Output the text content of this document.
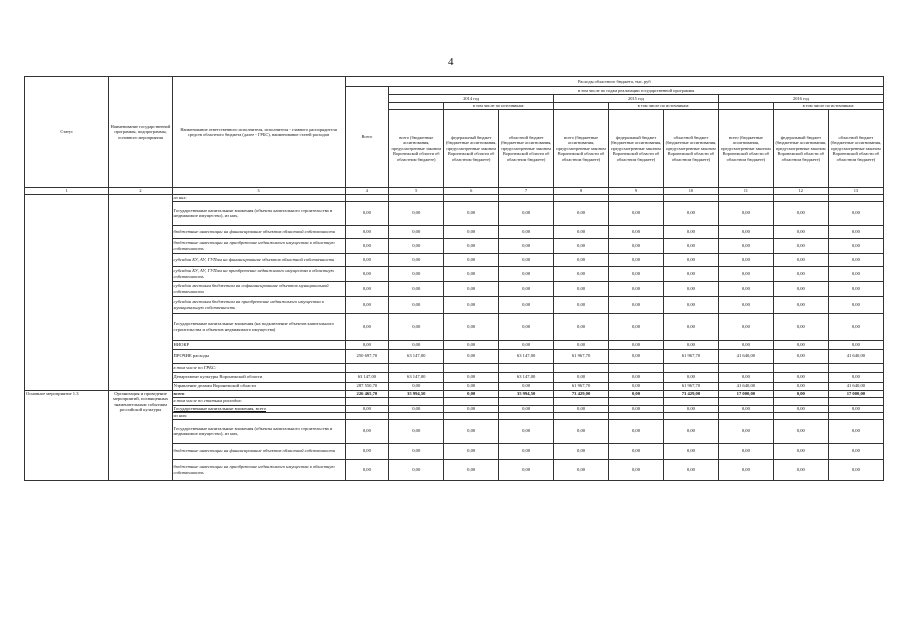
4
Статус	Наименование государственной программы, подпрограммы, основного мероприятия	Наименование ответственного исполнителя, исполнителя - главного распорядителя средств областного бюджета (далее - ГРБС), наименование статей расходов	Расходы областного бюджета, тыс. руб									
			Всего	в том числе по годам реализации государственной программы								
				2014 год			2015 год			2016 год		
					в том числе по источникам:			в том числе по источникам:			в том числе по источникам:	
				всего (бюджетные ассигнования, предусмотренные законом Воронежской области об областном бюджете)	федеральный бюджет (бюджетные ассигнования, предусмотренные законом Воронежской области об областном бюджете)	областной бюджет (бюджетные ассигнования, предусмотренные законом Воронежской области об областном бюджете)	всего (бюджетные ассигнования, предусмотренные законом Воронежской области об областном бюджете)	федеральный бюджет (бюджетные ассигнования, предусмотренные законом Воронежской области об областном бюджете)	областной бюджет (бюджетные ассигнования, предусмотренные законом Воронежской области об областном бюджете)	всего (бюджетные ассигнования, предусмотренные законом Воронежской области об областном бюджете)	федеральный бюджет (бюджетные ассигнования, предусмотренные законом Воронежской области об областном бюджете)	областной бюджет (бюджетные ассигнования, предусмотренные законом Воронежской области об областном бюджете)
1	2	3	4	5	6	7	8	9	10	11	12	13
		из них:										
		Государственные капитальные вложения (объекты капитального строительства и недвижимое имущество), из них,	0,00	0,00	0,00	0,00	0,00	0,00	0,00	0,00	0,00	0,00
		бюджетные инвестиции на финансирование объектов областной собственности	0,00	0,00	0,00	0,00	0,00	0,00	0,00	0,00	0,00	0,00
		бюджетные инвестиции на приобретение недвижимого имущества в областную собственность	0,00	0,00	0,00	0,00	0,00	0,00	0,00	0,00	0,00	0,00
		субсидии БУ, АУ, ГУПам на финансирование объектов областной собственности	0,00	0,00	0,00	0,00	0,00	0,00	0,00	0,00	0,00	0,00
		субсидии БУ, АУ, ГУПам на приобретение недвижимого имущества в областную собственность	0,00	0,00	0,00	0,00	0,00	0,00	0,00	0,00	0,00	0,00
		субсидии местным бюджетам на софинансирование объектов муниципальной собственности	0,00	0,00	0,00	0,00	0,00	0,00	0,00	0,00	0,00	0,00
		субсидии местным бюджетам на приобретение недвижимого имущества в муниципальную собственность	0,00	0,00	0,00	0,00	0,00	0,00	0,00	0,00	0,00	0,00
		Государственные капитальные вложения (на подключение объектов капитального строительства и объектов недвижимого имущества)	0,00	0,00	0,00	0,00	0,00	0,00	0,00	0,00	0,00	0,00
		НИОКР	0,00	0,00	0,00	0,00	0,00	0,00	0,00	0,00	0,00	0,00
		ПРОЧИЕ расходы	250 697,70	63 147,00	0,00	63 147,00	61 967,70	0,00	61 967,70	41 640,00	0,00	41 640,00
		в том числе по ГРБС:										
		Департамент культуры Воронежской области	63 147,00	63 147,00	0,00	63 147,00	0,00	0,00	0,00	0,00	0,00	0,00
		Управление делами Воронежской области	287 550,70	0,00	0,00	0,00	61 967,70	0,00	61 967,70	41 640,00	0,00	41 640,00
Основное мероприятие 1.3	Организация и проведение мероприятий, посвященных знаменательным событиям российской культуры	всего	226 465,70	35 994,50	0,00	35 994,50	73 429,00	0,00	73 429,00	17 000,00	0,00	17 000,00
		в том числе по статьям расходов:										
		Государственные капитальные вложения, всего	0,00	0,00	0,00	0,00	0,00	0,00	0,00	0,00	0,00	0,00
		из них:										
		Государственные капитальные вложения (объекты капитального строительства и недвижимое имущество), из них,	0,00	0,00	0,00	0,00	0,00	0,00	0,00	0,00	0,00	0,00
		бюджетные инвестиции на финансирование объектов областной собственности	0,00	0,00	0,00	0,00	0,00	0,00	0,00	0,00	0,00	0,00
		бюджетные инвестиции на приобретение недвижимого имущества в областную собственность	0,00	0,00	0,00	0,00	0,00	0,00	0,00	0,00	0,00	0,00
